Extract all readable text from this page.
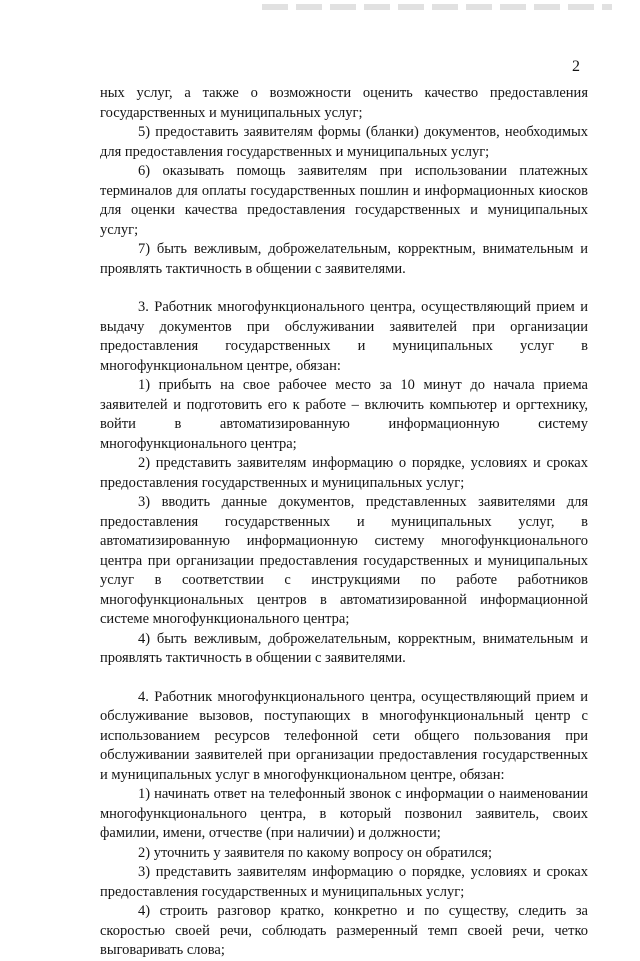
2

ных услуг, а также о возможности оценить качество предоставления государственных и муниципальных услуг;

5) предоставить заявителям формы (бланки) документов, необходимых для предоставления государственных и муниципальных услуг;

6) оказывать помощь заявителям при использовании платежных терминалов для оплаты государственных пошлин и информационных киосков для оценки качества предоставления государственных и муниципальных услуг;

7) быть вежливым, доброжелательным, корректным, внимательным и проявлять тактичность в общении с заявителями.

3. Работник многофункционального центра, осуществляющий прием и выдачу документов при обслуживании заявителей при организации предоставления государственных и муниципальных услуг в многофункциональном центре, обязан:

1) прибыть на свое рабочее место за 10 минут до начала приема заявителей и подготовить его к работе – включить компьютер и оргтехнику, войти в автоматизированную информационную систему многофункционального центра;

2) представить заявителям информацию о порядке, условиях и сроках предоставления государственных и муниципальных услуг;

3) вводить данные документов, представленных заявителями для предоставления государственных и муниципальных услуг, в автоматизированную информационную систему многофункционального центра при организации предоставления государственных и муниципальных услуг в соответствии с инструкциями по работе работников многофункциональных центров в автоматизированной информационной системе многофункционального центра;

4) быть вежливым, доброжелательным, корректным, внимательным и проявлять тактичность в общении с заявителями.

4. Работник многофункционального центра, осуществляющий прием и обслуживание вызовов, поступающих в многофункциональный центр с использованием ресурсов телефонной сети общего пользования при обслуживании заявителей при организации предоставления государственных и муниципальных услуг в многофункциональном центре, обязан:

1) начинать ответ на телефонный звонок с информации о наименовании многофункционального центра, в который позвонил заявитель, своих фамилии, имени, отчестве (при наличии) и должности;

2) уточнить у заявителя по какому вопросу он обратился;

3) представить заявителям информацию о порядке, условиях и сроках предоставления государственных и муниципальных услуг;

4) строить разговор кратко, конкретно и по существу, следить за скоростью своей речи, соблюдать размеренный темп своей речи, четко выговаривать слова;
